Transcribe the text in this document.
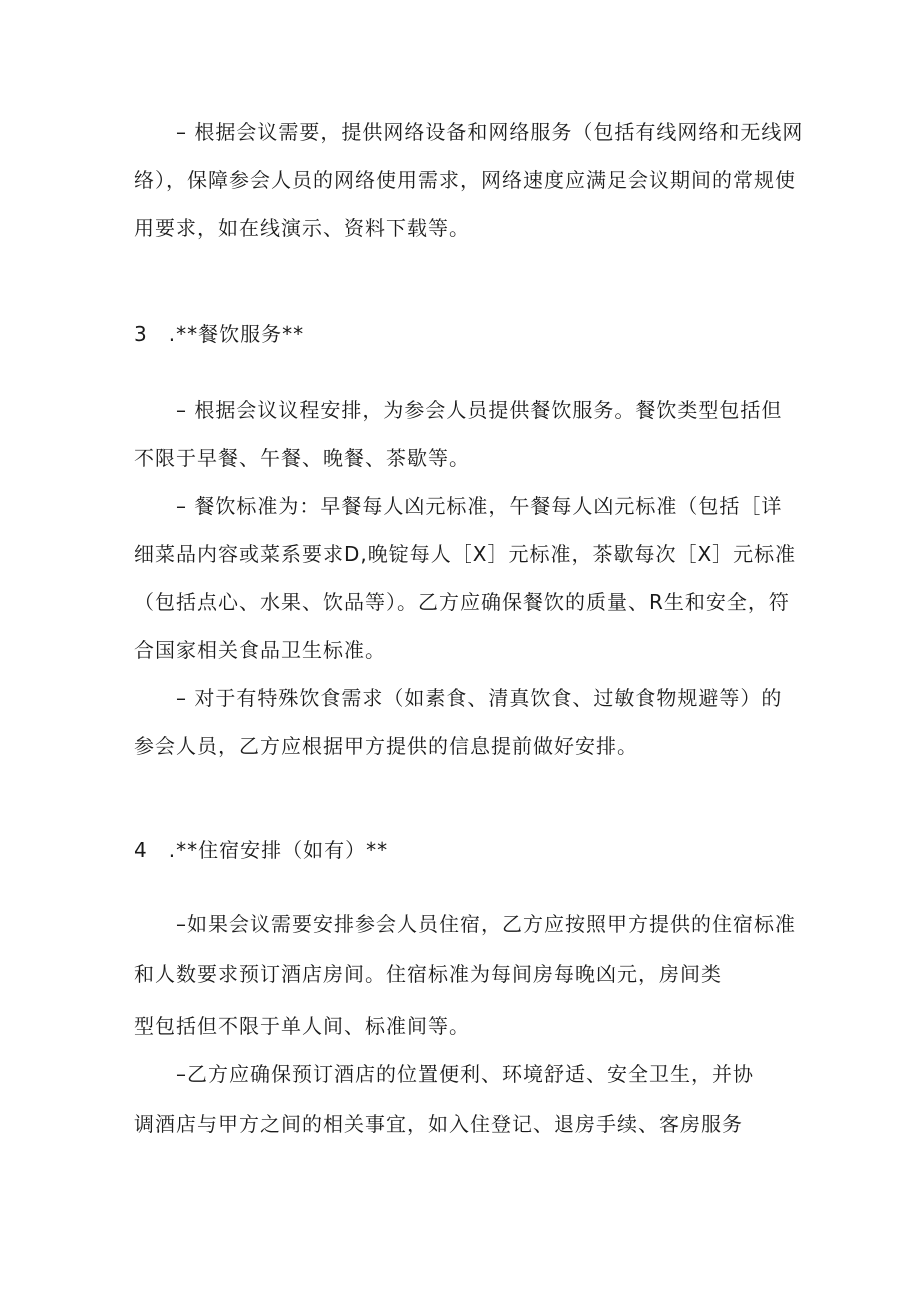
– 根据会议需要，提供网络设备和网络服务（包括有线网络和无线网
络），保障参会人员的网络使用需求，网络速度应满足会议期间的常规使
用要求，如在线演示、资料下载等。
3　.**餐饮服务**
– 根据会议议程安排，为参会人员提供餐饮服务。餐饮类型包括但
不限于早餐、午餐、晚餐、茶歇等。
– 餐饮标准为：早餐每人凶元标准，午餐每人凶元标准（包括［详
细菜品内容或菜系要求D,晚锭每人［X］元标准，茶歇每次［X］元标准
（包括点心、水果、饮品等）。乙方应确保餐饮的质量、R生和安全，符
合国家相关食品卫生标准。
– 对于有特殊饮食需求（如素食、清真饮食、过敏食物规避等）的
参会人员，乙方应根据甲方提供的信息提前做好安排。
4　.**住宿安排（如有）**
–如果会议需要安排参会人员住宿，乙方应按照甲方提供的住宿标准
和人数要求预订酒店房间。住宿标准为每间房每晚凶元，房间类
型包括但不限于单人间、标准间等。
–乙方应确保预订酒店的位置便利、环境舒适、安全卫生，并协
调酒店与甲方之间的相关事宜，如入住登记、退房手续、客房服务
